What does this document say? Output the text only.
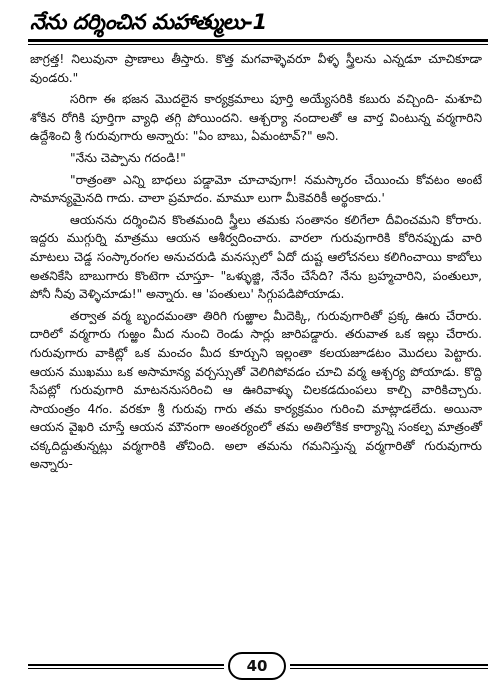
నేను దర్శించిన మహాత్ములు-1

జాగ్రత్త! నిలువునా ప్రాణాలు తీస్తారు. కొత్త మగవాళ్ళెవరూ వీళ్ళ స్త్రీలను ఎన్నడూ చూచికూడా వుండరు."

సరిగా ఈ భజన మొదలైన కార్యక్రమాలు పూర్తి అయ్యేసరికి కబురు వచ్చింది- మశూచి శోకిన రోగికి పూర్తిగా వ్యాధి తగ్గి పోయిందని. ఆశ్చర్యా నందాలతో ఆ వార్త వింటున్న వర్మగారిని ఉద్దేశించి శ్రీ గురువుగారు అన్నారు: "ఏం బాబు, ఏమంటావ్?" అని.

"నేను చెప్పాను గదండి!"

"రాత్రంతా ఎన్ని బాధలు పడ్డామో చూచావుగా! నమస్కారం చేయించు కోవటం అంటే సామాన్యమైనది గాదు. చాలా ప్రమాదం. మామూ లుగా మీకెవరికీ అర్థంకాదు.'

ఆయనను దర్శించిన కొంతమంది స్త్రీలు తమకు సంతానం కలిగేలా దీవించమని కోరారు. ఇద్దరు ముగ్గుర్ని మాత్రము ఆయన ఆశీర్వదించారు. వారలా గురువుగారికి కోరినప్పుడు వారి మాటలు చెడ్డ సంస్కారంగల అనుచరుడి మనస్సులో ఏదో దుష్ట ఆలోచనలు కలిగించాయి కాబోలు అతనికేసి బాబుగారు కొంటెగా చూస్తూ- "ఒళ్ళుజ్జి, నేనేం చేసేది? నేను బ్రహ్మచారిని, పంతులూ, పోనీ నీవు వెళ్ళిచూడు!" అన్నారు. ఆ 'పంతులు' సిగ్గుపడిపోయాడు.

తర్వాత వర్మ బృందమంతా తిరిగి గుఱ్ఱాల మీదెక్కి, గురువుగారితో ప్రక్క ఊరు చేరారు. దారిలో వర్మగారు గుఱ్ఱం మీద నుంచి రెండు సార్లు జారిపడ్డారు. తరువాత ఒక ఇల్లు చేరారు. గురువుగారు వాకిట్లో ఒక మంచం మీద కూర్చుని ఇల్లంతా కలయజూడటం మొదలు పెట్టారు. ఆయన ముఖము ఒక అసామాన్య వర్చస్సుతో వెలిగిపోవడం చూచి వర్మ ఆశ్చర్య పోయాడు. కొద్ది సేపట్లో గురువుగారి మాటననుసరించి ఆ ఊరివాళ్ళు చిలకడదుంపలు కాల్చి వారికిచ్చారు. సాయంత్రం 4గం. వరకూ శ్రీ గురువు గారు తమ కార్యక్రమం గురించి మాట్లాడలేదు. అయినా ఆయన వైఖరి చూస్తే ఆయన మౌనంగా అంతర్యంలో తమ అతిలోకిక కార్యాన్ని సంకల్ప మాత్రంతో చక్కదిద్దుతున్నట్లు వర్మగారికి తోచింది. అలా తమను గమనిస్తున్న వర్మగారితో గురువుగారు అన్నారు-

40
